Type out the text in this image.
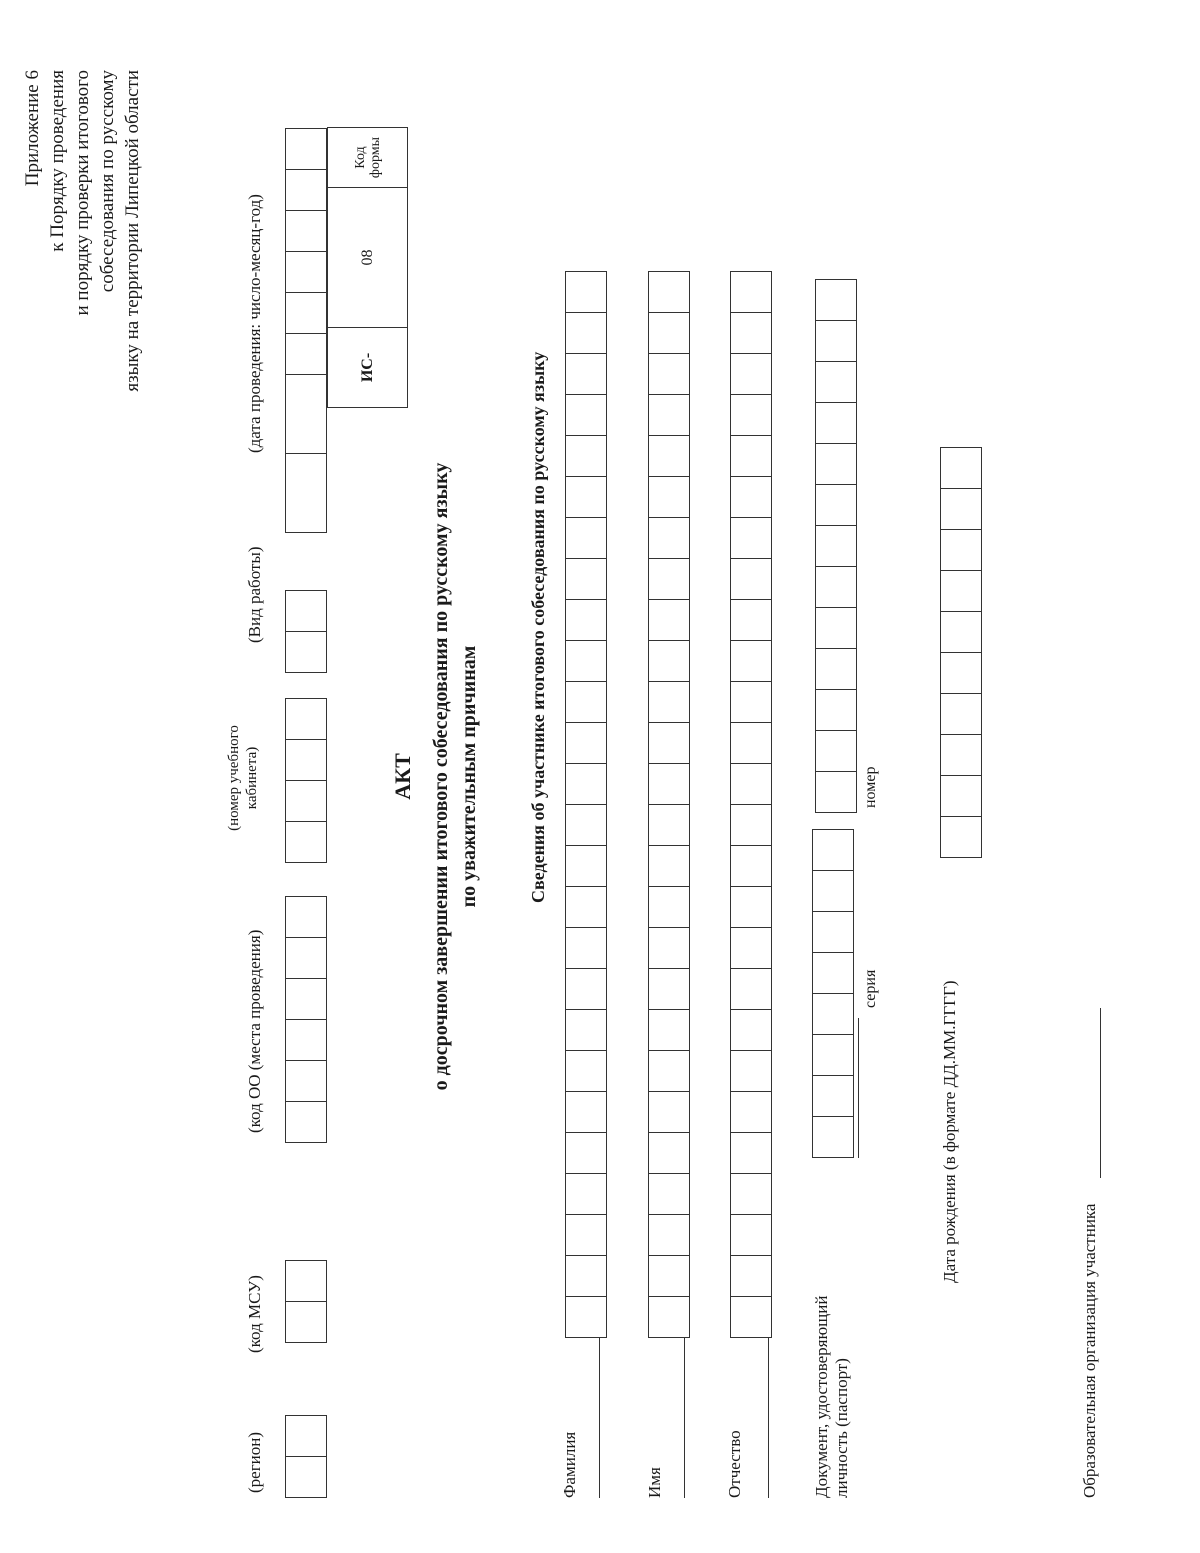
Приложение 6 к Порядку проведения и порядку проверки итогового собеседования по русскому языку на территории Липецкой области
(регион)
(код МСУ)
(код ОО (места проведения)
(номер учебного кабинета)
(Вид работы)
(дата проведения: число-месяц-год)	ИС-	08	Код формы
АКТ о досрочном завершении итогового собеседования по русскому языку по уважительным причинам	Сведения об участнике итогового собеседования по русскому языку
Фамилия	Имя	Отчество	Документ, удостоверяющий личность (паспорт)
серия
номер
Дата рождения (в формате ДД.ММ.ГГГГ)
Образовательная организация участника
